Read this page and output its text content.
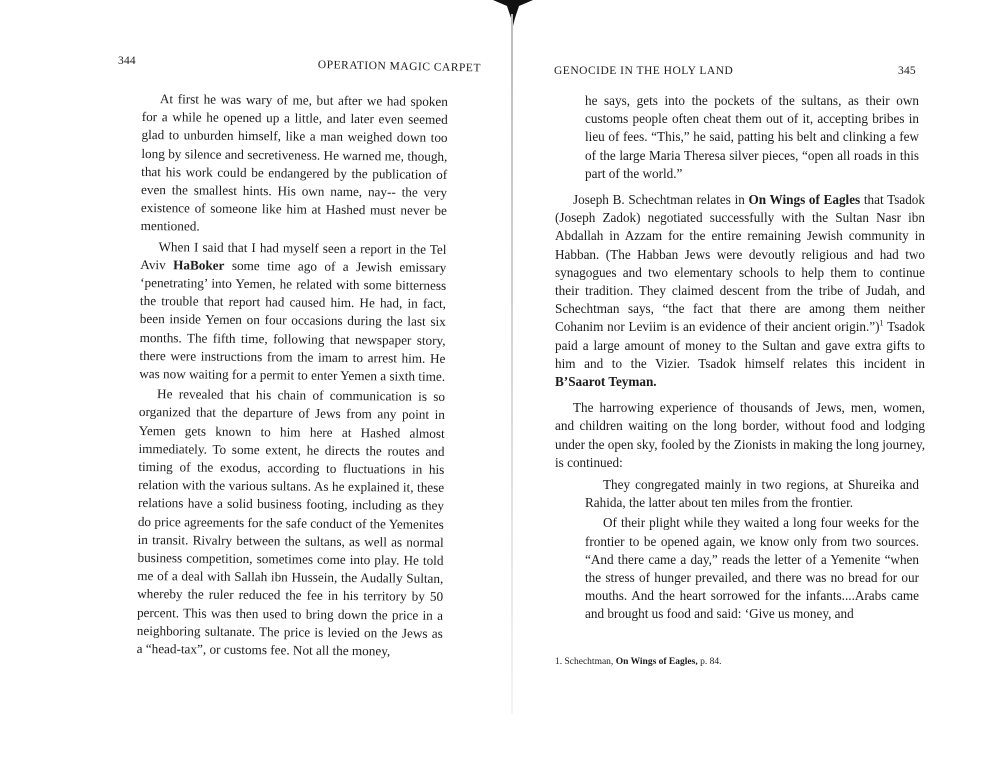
344	OPERATION MAGIC CARPET

At first he was wary of me, but after we had spoken for a while he opened up a little, and later even seemed glad to unburden himself, like a man weighed down too long by silence and secretiveness. He warned me, though, that his work could be endangered by the publication of even the smallest hints. His own name, nay-- the very existence of someone like him at Hashed must never be mentioned.

When I said that I had myself seen a report in the Tel Aviv HaBoker some time ago of a Jewish emissary ‘penetrating’ into Yemen, he related with some bitterness the trouble that report had caused him. He had, in fact, been inside Yemen on four occasions during the last six months. The fifth time, following that newspaper story, there were instructions from the imam to arrest him. He was now waiting for a permit to enter Yemen a sixth time.

He revealed that his chain of communication is so organized that the departure of Jews from any point in Yemen gets known to him here at Hashed almost immediately. To some extent, he directs the routes and timing of the exodus, according to fluctuations in his relation with the various sultans. As he explained it, these relations have a solid business footing, including as they do price agreements for the safe conduct of the Yemenites in transit. Rivalry between the sultans, as well as normal business competition, sometimes come into play. He told me of a deal with Sallah ibn Hussein, the Audally Sultan, whereby the ruler reduced the fee in his territory by 50 percent. This was then used to bring down the price in a neighboring sultanate. The price is levied on the Jews as a “head-tax”, or customs fee. Not all the money,

GENOCIDE IN THE HOLY LAND	345

he says, gets into the pockets of the sultans, as their own customs people often cheat them out of it, accepting bribes in lieu of fees. “This,” he said, patting his belt and clinking a few of the large Maria Theresa silver pieces, “open all roads in this part of the world.”

Joseph B. Schechtman relates in On Wings of Eagles that Tsadok (Joseph Zadok) negotiated successfully with the Sultan Nasr ibn Abdallah in Azzam for the entire remaining Jewish community in Habban. (The Habban Jews were devoutly religious and had two synagogues and two elementary schools to help them to continue their tradition. They claimed descent from the tribe of Judah, and Schechtman says, “the fact that there are among them neither Cohanim nor Leviim is an evidence of their ancient origin.”)$^1$ Tsadok paid a large amount of money to the Sultan and gave extra gifts to him and to the Vizier. Tsadok himself relates this incident in B’Saarot Teyman.

The harrowing experience of thousands of Jews, men, women, and children waiting on the long border, without food and lodging under the open sky, fooled by the Zionists in making the long journey, is continued:

They congregated mainly in two regions, at Shureika and Rahida, the latter about ten miles from the frontier.

Of their plight while they waited a long four weeks for the frontier to be opened again, we know only from two sources. “And there came a day,” reads the letter of a Yemenite “when the stress of hunger prevailed, and there was no bread for our mouths. And the heart sorrowed for the infants....Arabs came and brought us food and said: ‘Give us money, and

1. Schechtman, On Wings of Eagles, p. 84.
